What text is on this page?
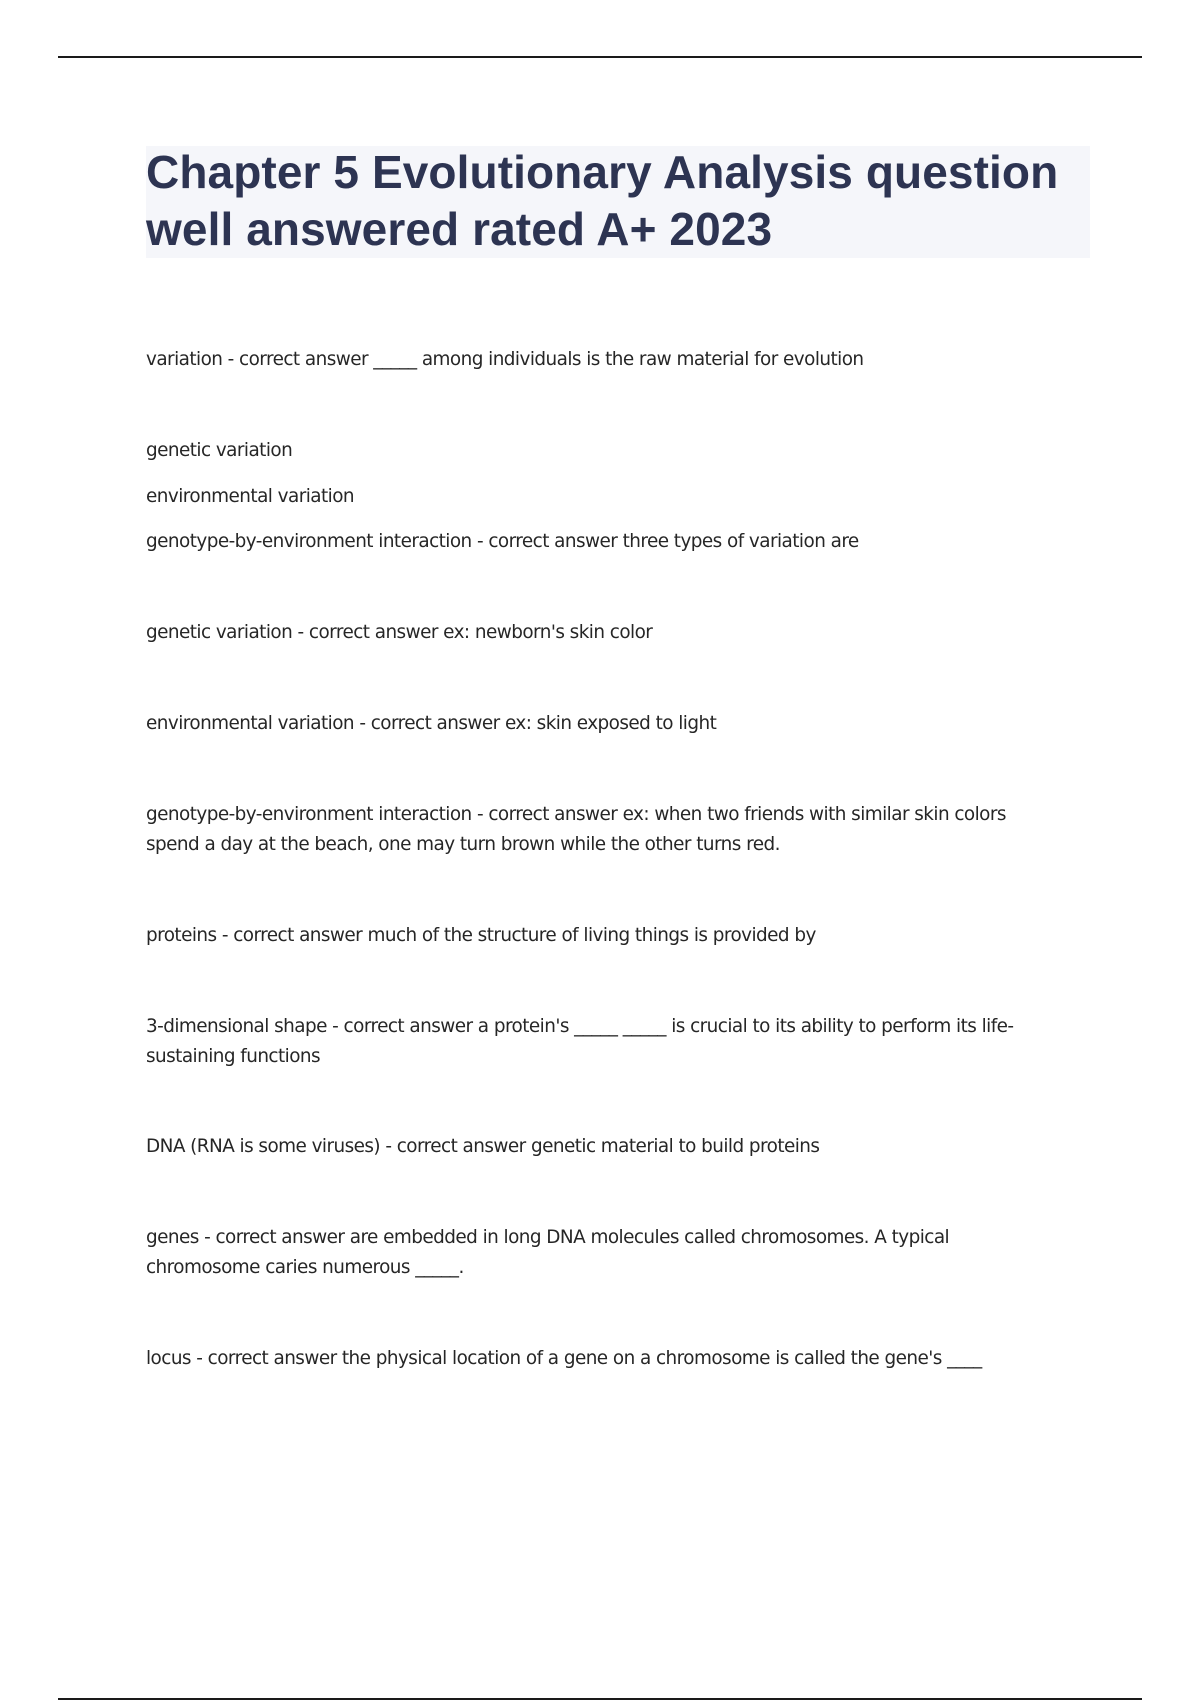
Chapter 5 Evolutionary Analysis question well answered rated A+ 2023

variation - correct answer _____ among individuals is the raw material for evolution

genetic variation

environmental variation

genotype-by-environment interaction - correct answer three types of variation are

genetic variation - correct answer ex: newborn's skin color

environmental variation - correct answer ex: skin exposed to light

genotype-by-environment interaction - correct answer ex: when two friends with similar skin colors spend a day at the beach, one may turn brown while the other turns red.

proteins - correct answer much of the structure of living things is provided by

3-dimensional shape - correct answer a protein's _____ _____ is crucial to its ability to perform its life-sustaining functions

DNA (RNA is some viruses) - correct answer genetic material to build proteins

genes - correct answer are embedded in long DNA molecules called chromosomes. A typical chromosome caries numerous _____.

locus - correct answer the physical location of a gene on a chromosome is called the gene's ____
